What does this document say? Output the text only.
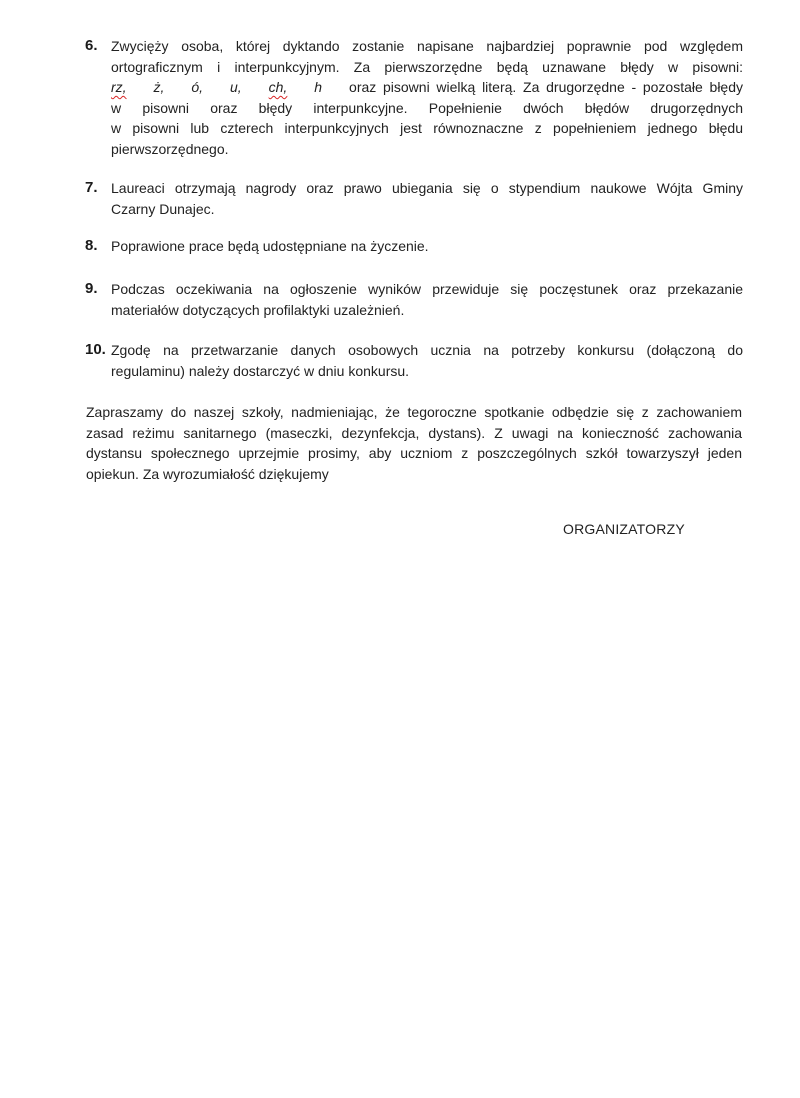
6. Zwycięży osoba, której dyktando zostanie napisane najbardziej poprawnie pod względem
ortograficznym i interpunkcyjnym. Za pierwszorzędne będą uznawane błędy w pisowni:
rz, ż, ó, u, ch, h oraz pisowni wielką literą. Za drugorzędne - pozostałe błędy
w pisowni oraz błędy interpunkcyjne. Popełnienie dwóch błędów drugorzędnych
w pisowni lub czterech interpunkcyjnych jest równoznaczne z popełnieniem jednego błędu
pierwszorzędnego.
7. Laureaci otrzymają nagrody oraz prawo ubiegania się o stypendium naukowe Wójta Gminy
Czarny Dunajec.
8. Poprawione prace będą udostępniane na życzenie.
9. Podczas oczekiwania na ogłoszenie wyników przewiduje się poczęstunek oraz przekazanie
materiałów dotyczących profilaktyki uzależnień.
10. Zgodę na przetwarzanie danych osobowych ucznia na potrzeby konkursu (dołączoną do
regulaminu) należy dostarczyć w dniu konkursu.
Zapraszamy do naszej szkoły, nadmieniając, że tegoroczne spotkanie odbędzie się z zachowaniem
zasad reżimu sanitarnego (maseczki, dezynfekcja, dystans). Z uwagi na konieczność zachowania
dystansu społecznego uprzejmie prosimy, aby uczniom z poszczególnych szkół towarzyszył jeden
opiekun. Za wyrozumiałość dziękujemy
ORGANIZATORZY
